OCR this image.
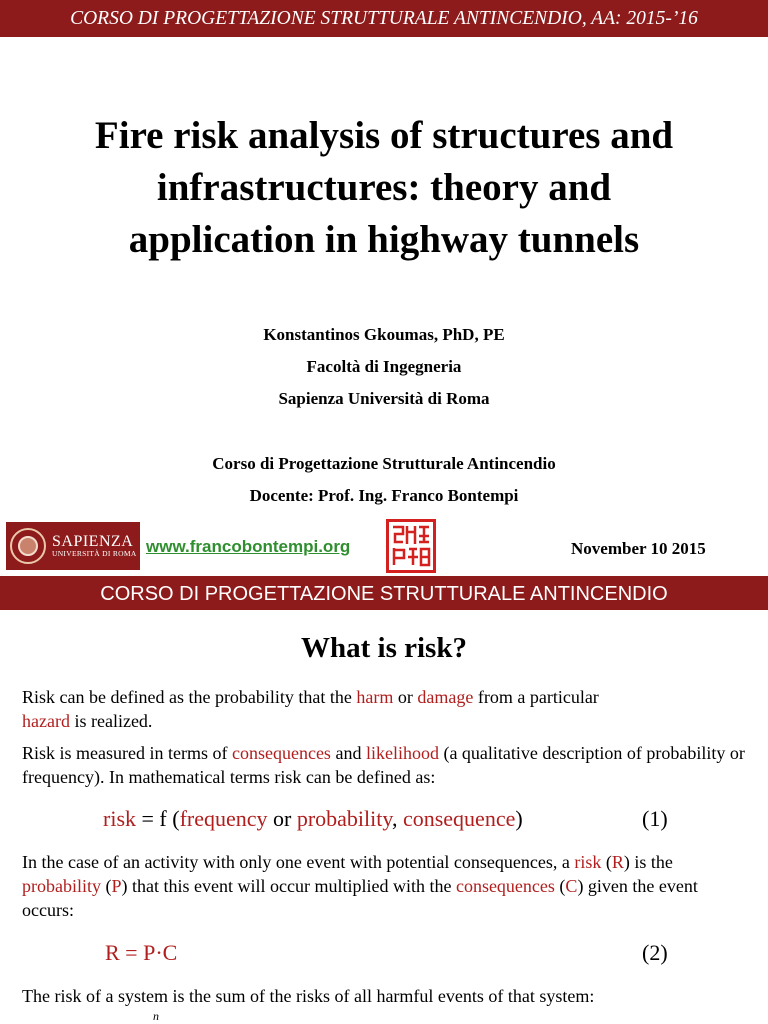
CORSO DI PROGETTAZIONE STRUTTURALE ANTINCENDIO, AA: 2015-’16
Fire risk analysis of structures and
infrastructures: theory and
application in highway tunnels
Konstantinos Gkoumas, PhD, PE
Facoltà di Ingegneria
Sapienza Università di Roma
Corso di Progettazione Strutturale Antincendio
Docente: Prof. Ing. Franco Bontempi
SAPIENZA
UNIVERSITÀ DI ROMA www.francobontempi.org	November 10 2015
CORSO DI PROGETTAZIONE STRUTTURALE ANTINCENDIO
What is risk?
Risk can be defined as the probability that the harm or damage from a particular
hazard is realized.
Risk is measured in terms of consequences and likelihood (a qualitative description of probability or frequency). In mathematical terms risk can be defined as:
risk = f (frequency or probability, consequence)	(1)
In the case of an activity with only one event with potential consequences, a risk (R) is the probability (P) that this event will occur multiplied with the consequences (C) given the event occurs:
R = P·C	(2)
The risk of a system is the sum of the risks of all harmful events of that system:
n
